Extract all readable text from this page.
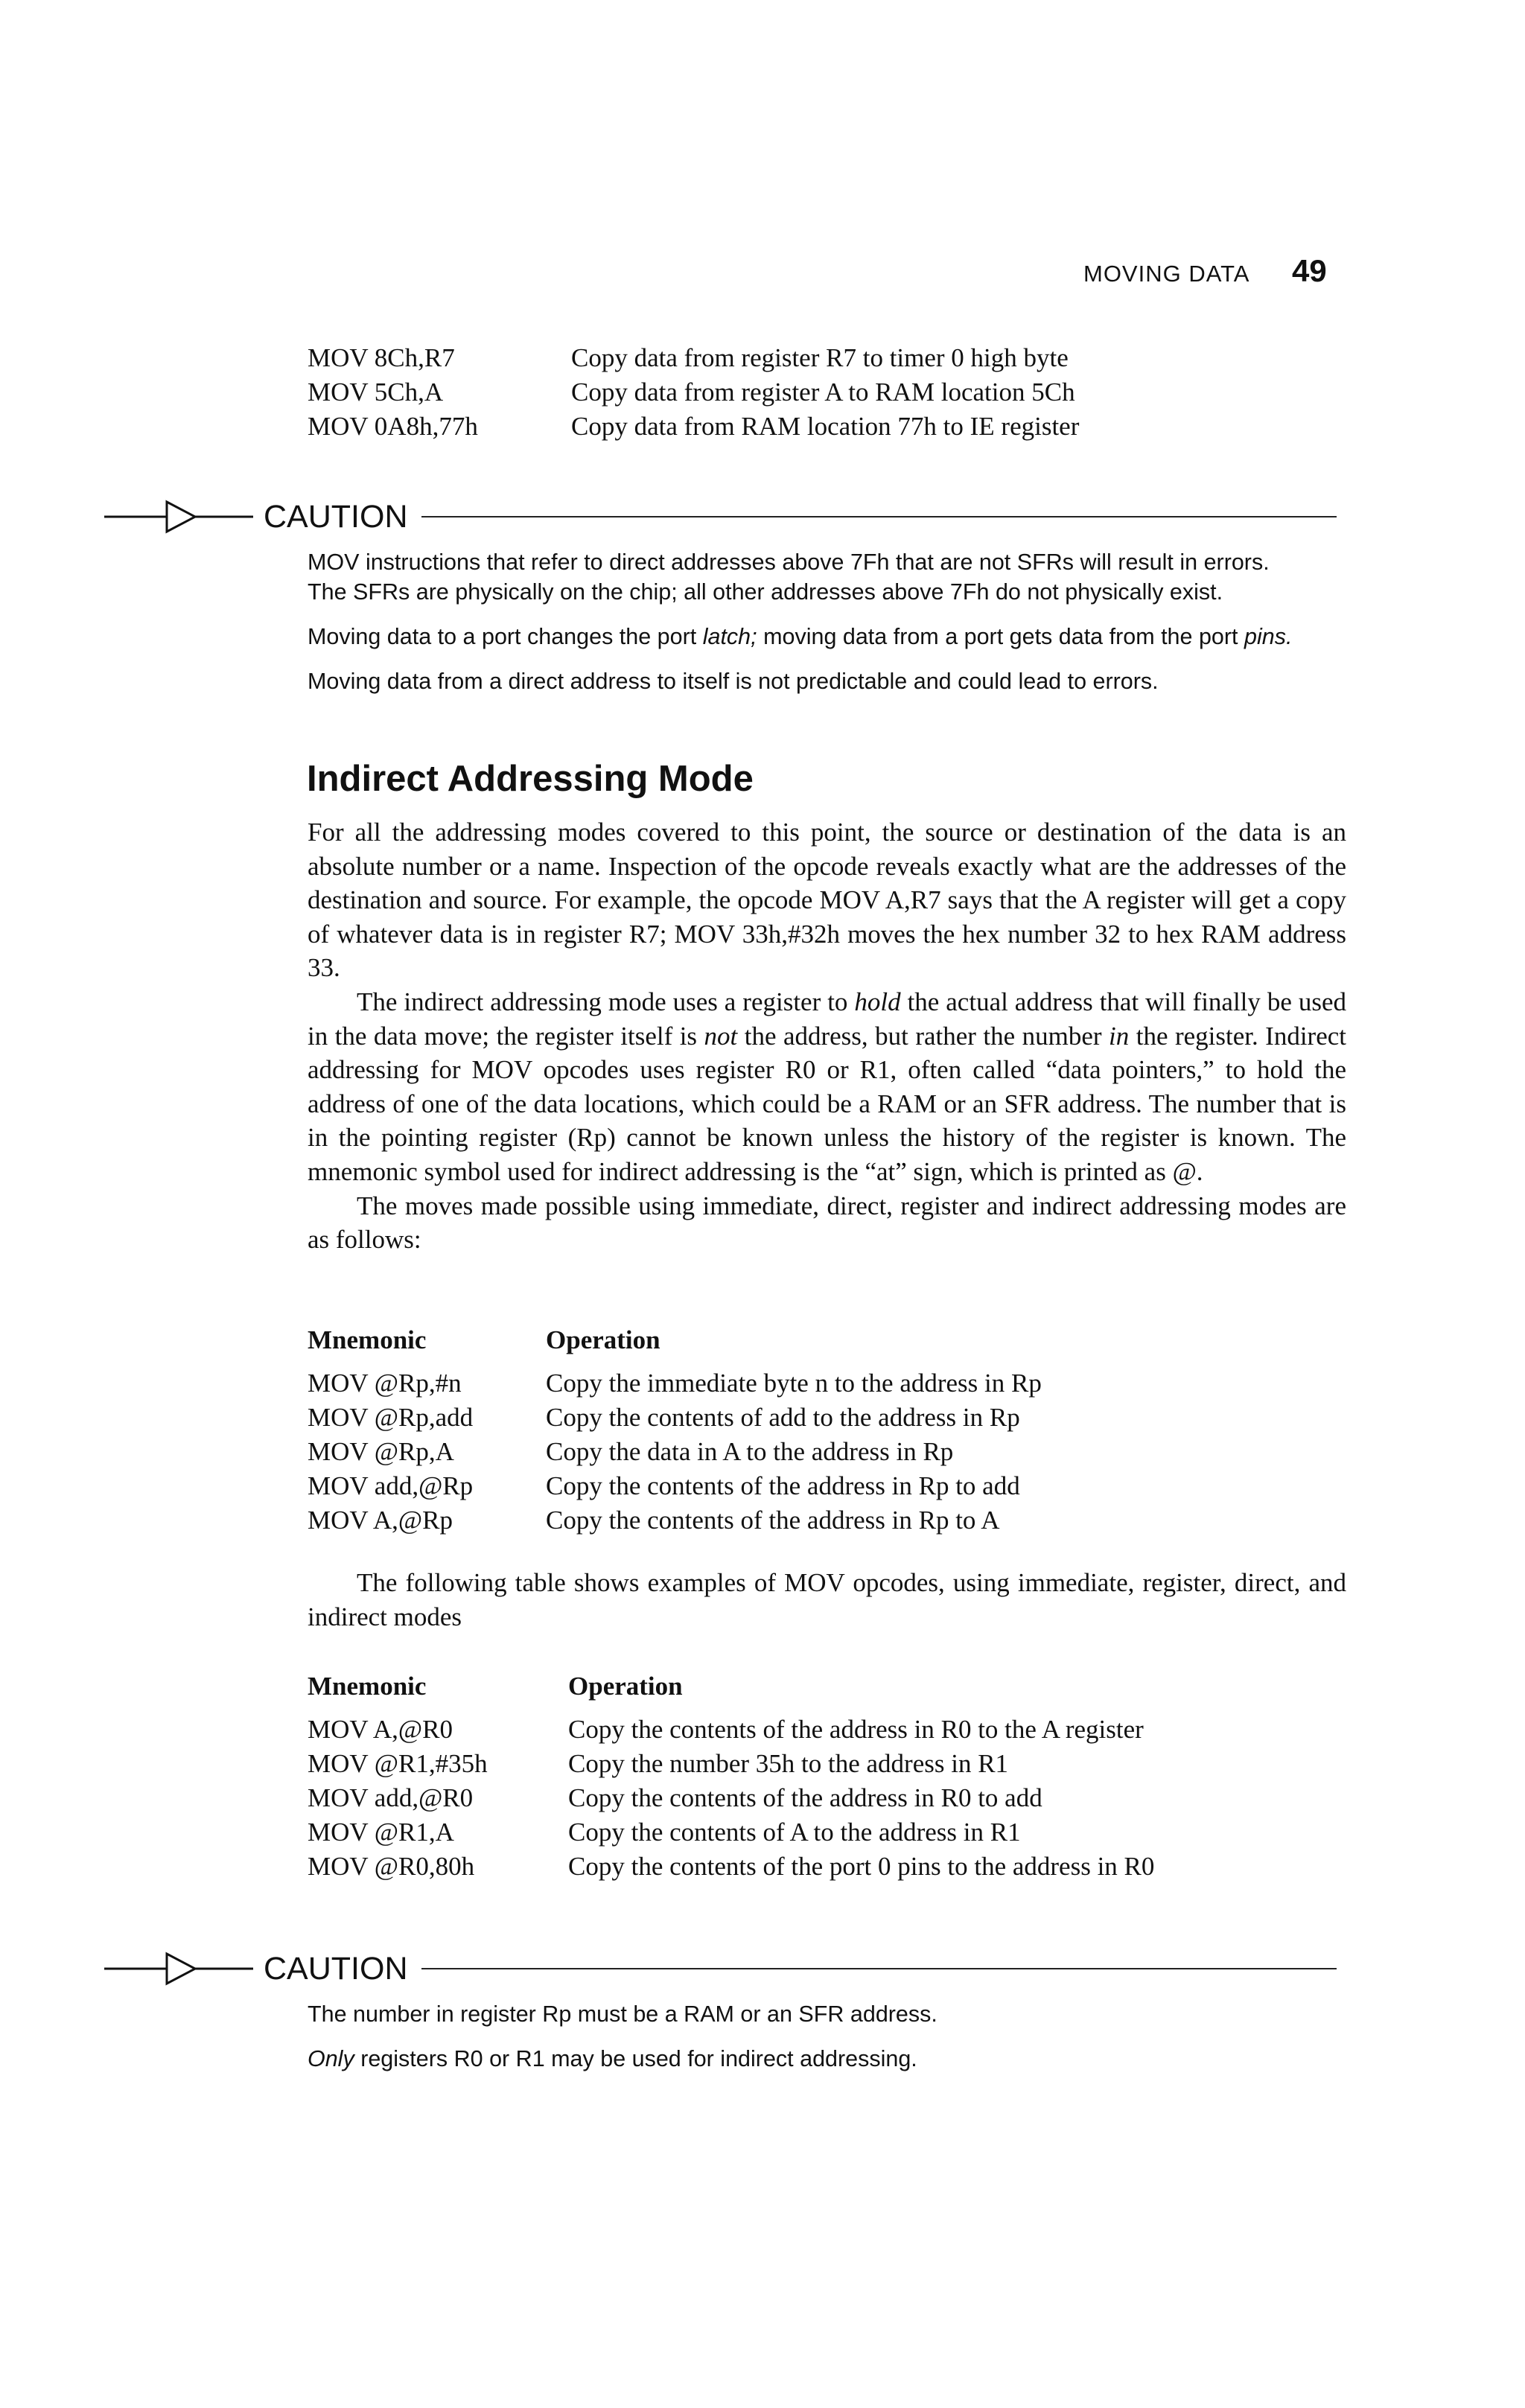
MOVING DATA 49
MOV 8Ch,R7	Copy data from register R7 to timer 0 high byte
MOV 5Ch,A	Copy data from register A to RAM location 5Ch
MOV 0A8h,77h	Copy data from RAM location 77h to IE register
CAUTION

MOV instructions that refer to direct addresses above 7Fh that are not SFRs will result in errors.
The SFRs are physically on the chip; all other addresses above 7Fh do not physically exist.

Moving data to a port changes the port latch; moving data from a port gets data from the port pins.

Moving data from a direct address to itself is not predictable and could lead to errors.

Indirect Addressing Mode

For all the addressing modes covered to this point, the source or destination of the data is an absolute number or a name. Inspection of the opcode reveals exactly what are the addresses of the destination and source. For example, the opcode MOV A,R7 says that the A register will get a copy of whatever data is in register R7; MOV 33h,#32h moves the hex number 32 to hex RAM address 33.

The indirect addressing mode uses a register to hold the actual address that will finally be used in the data move; the register itself is not the address, but rather the number in the register. Indirect addressing for MOV opcodes uses register R0 or R1, often called “data pointers,” to hold the address of one of the data locations, which could be a RAM or an SFR address. The number that is in the pointing register (Rp) cannot be known unless the history of the register is known. The mnemonic symbol used for indirect addressing is the “at” sign, which is printed as @.

The moves made possible using immediate, direct, register and indirect addressing modes are as follows:

Mnemonic	Operation
MOV @Rp,#n	Copy the immediate byte n to the address in Rp
MOV @Rp,add	Copy the contents of add to the address in Rp
MOV @Rp,A	Copy the data in A to the address in Rp
MOV add,@Rp	Copy the contents of the address in Rp to add
MOV A,@Rp	Copy the contents of the address in Rp to A

The following table shows examples of MOV opcodes, using immediate, register, direct, and indirect modes

Mnemonic	Operation
MOV A,@R0	Copy the contents of the address in R0 to the A register
MOV @R1,#35h	Copy the number 35h to the address in R1
MOV add,@R0	Copy the contents of the address in R0 to add
MOV @R1,A	Copy the contents of A to the address in R1
MOV @R0,80h	Copy the contents of the port 0 pins to the address in R0
CAUTION

The number in register Rp must be a RAM or an SFR address.

Only registers R0 or R1 may be used for indirect addressing.
